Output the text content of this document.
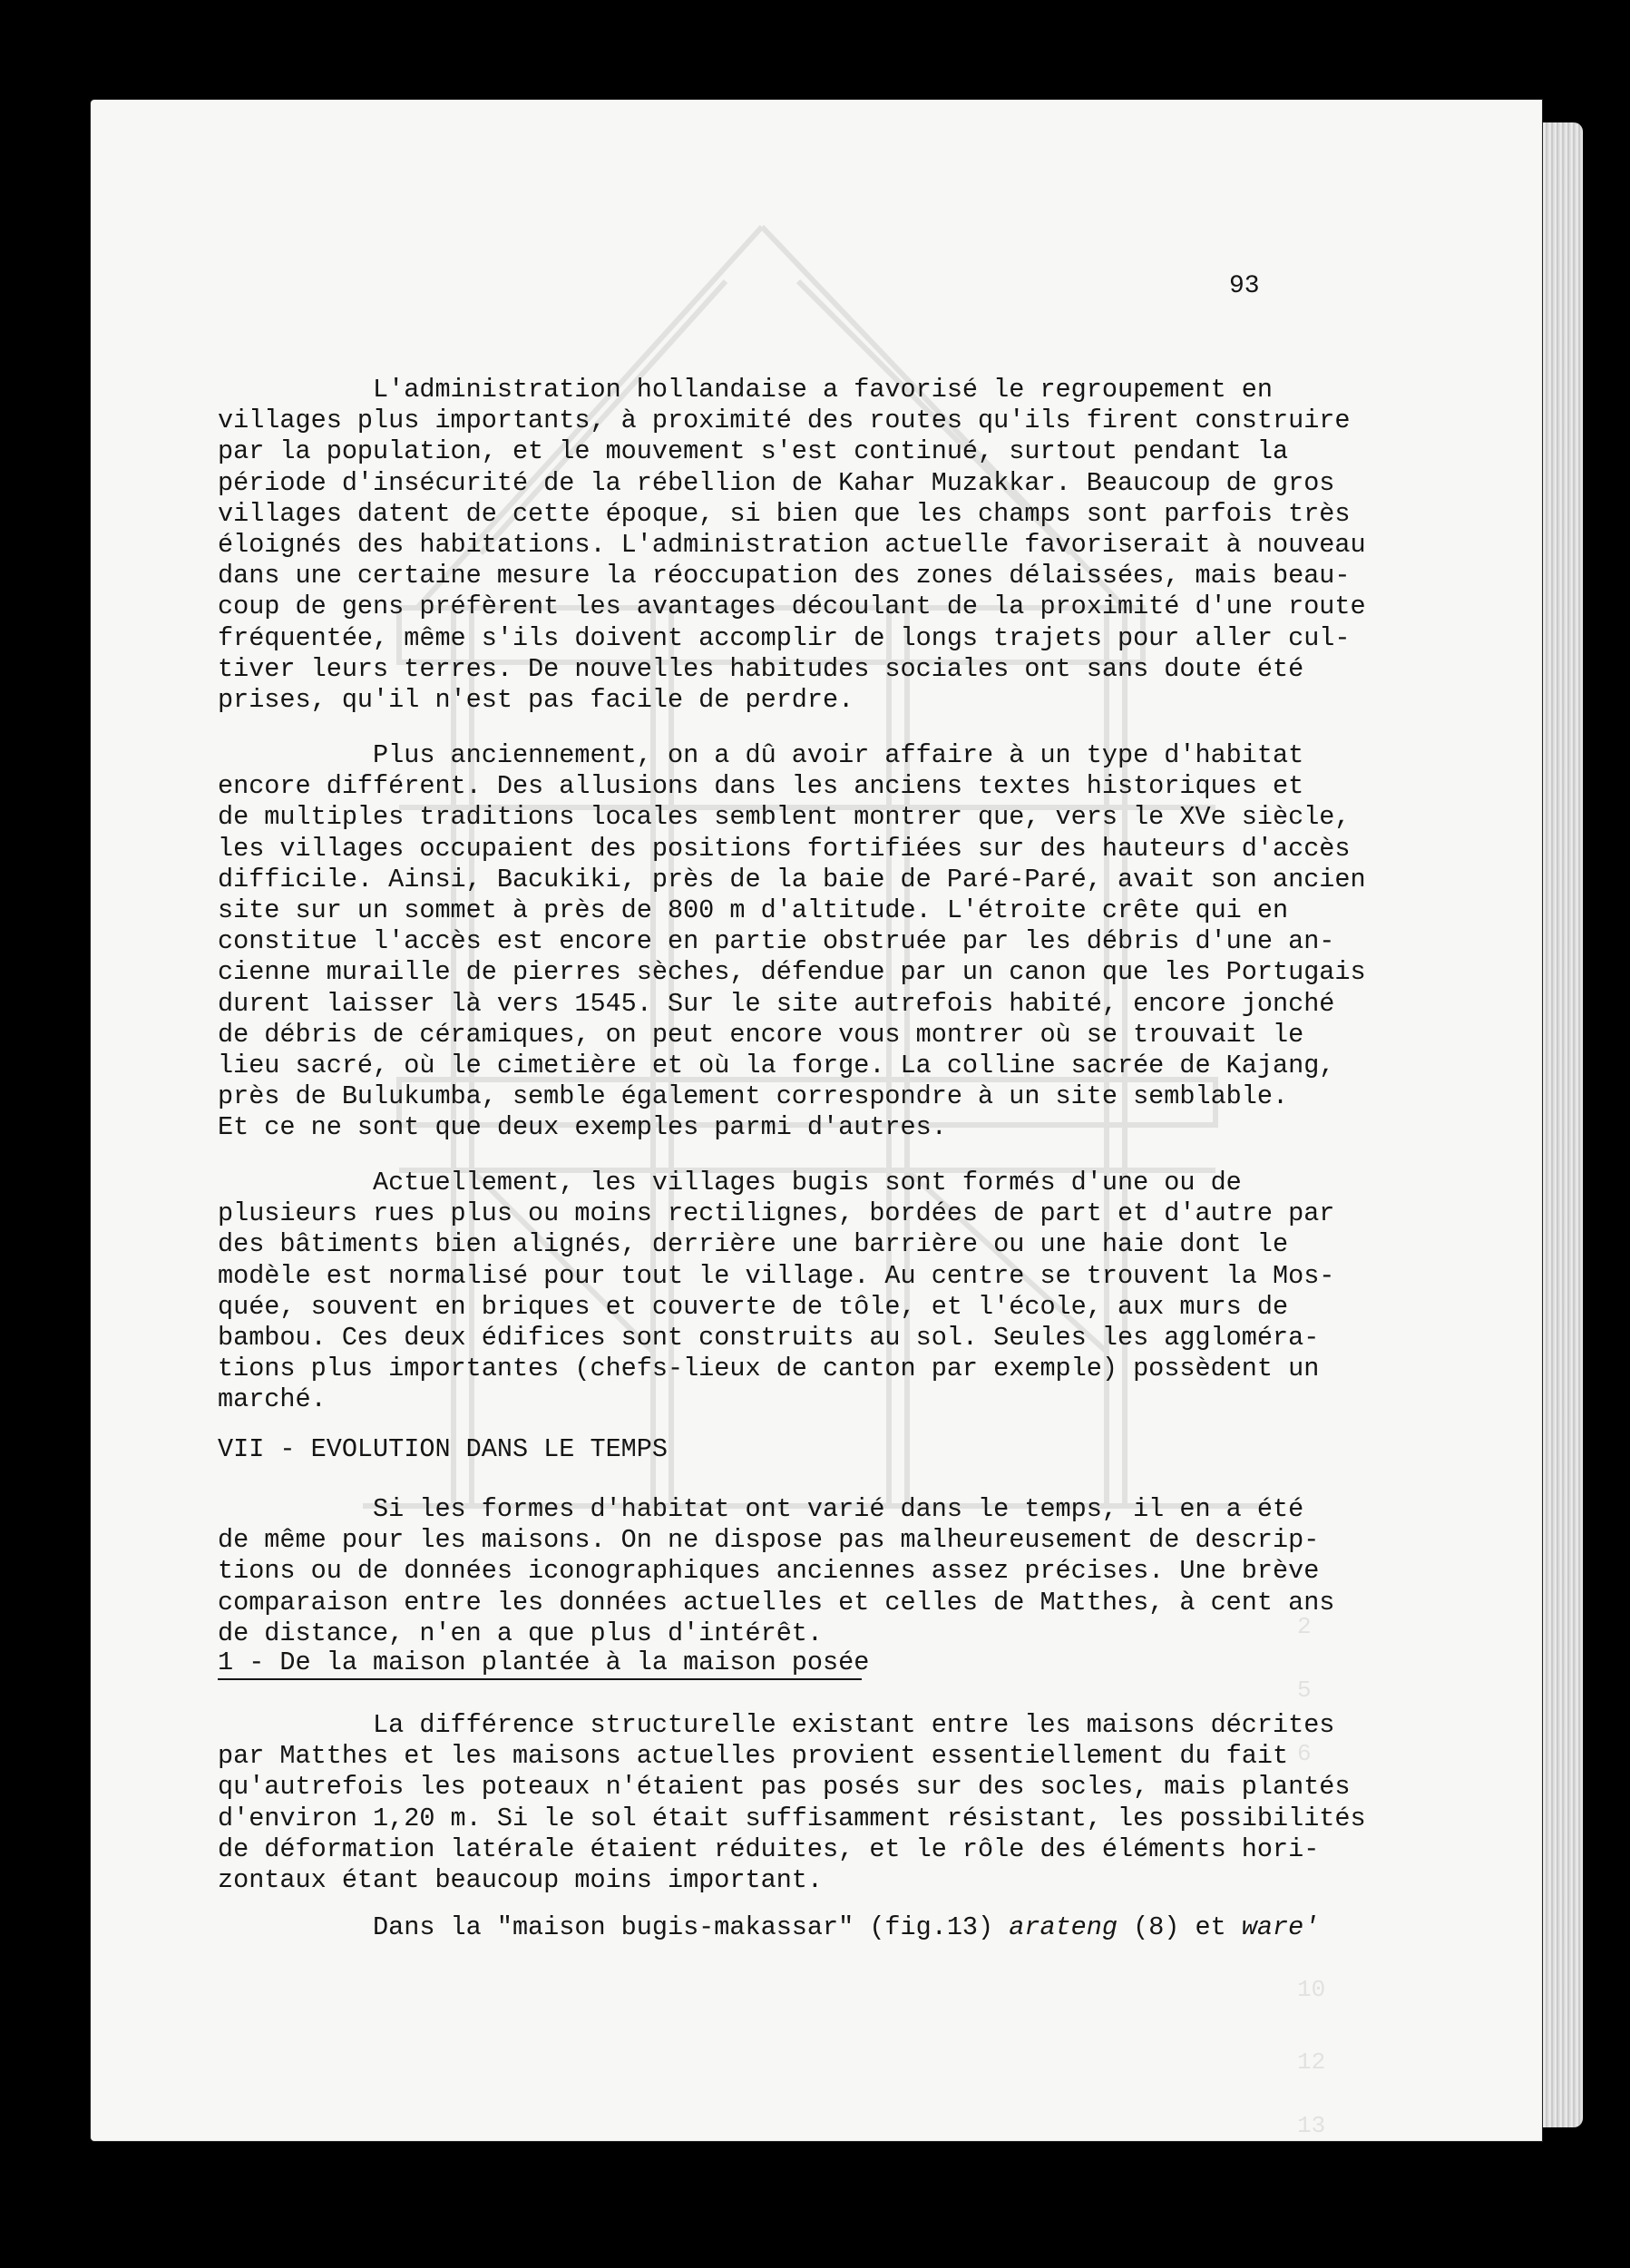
2
5
6
10
12
13
93
L'administration hollandaise a favorisé le regroupement en
villages plus importants, à proximité des routes qu'ils firent construire
par la population, et le mouvement s'est continué, surtout pendant la
période d'insécurité de la rébellion de Kahar Muzakkar. Beaucoup de gros
villages datent de cette époque, si bien que les champs sont parfois très
éloignés des habitations. L'administration actuelle favoriserait à nouveau
dans une certaine mesure la réoccupation des zones délaissées, mais beau-
coup de gens préfèrent les avantages découlant de la proximité d'une route
fréquentée, même s'ils doivent accomplir de longs trajets pour aller cul-
tiver leurs terres. De nouvelles habitudes sociales ont sans doute été
prises, qu'il n'est pas facile de perdre.
Plus anciennement, on a dû avoir affaire à un type d'habitat
encore différent. Des allusions dans les anciens textes historiques et
de multiples traditions locales semblent montrer que, vers le XVe siècle,
les villages occupaient des positions fortifiées sur des hauteurs d'accès
difficile. Ainsi, Bacukiki, près de la baie de Paré-Paré, avait son ancien
site sur un sommet à près de 800 m d'altitude. L'étroite crête qui en
constitue l'accès est encore en partie obstruée par les débris d'une an-
cienne muraille de pierres sèches, défendue par un canon que les Portugais
durent laisser là vers 1545. Sur le site autrefois habité, encore jonché
de débris de céramiques, on peut encore vous montrer où se trouvait le
lieu sacré, où le cimetière et où la forge. La colline sacrée de Kajang,
près de Bulukumba, semble également correspondre à un site semblable.
Et ce ne sont que deux exemples parmi d'autres.
Actuellement, les villages bugis sont formés d'une ou de
plusieurs rues plus ou moins rectilignes, bordées de part et d'autre par
des bâtiments bien alignés, derrière une barrière ou une haie dont le
modèle est normalisé pour tout le village. Au centre se trouvent la Mos-
quée, souvent en briques et couverte de tôle, et l'école, aux murs de
bambou. Ces deux édifices sont construits au sol. Seules les aggloméra-
tions plus importantes (chefs-lieux de canton par exemple) possèdent un
marché.
VII - EVOLUTION DANS LE TEMPS
Si les formes d'habitat ont varié dans le temps, il en a été
de même pour les maisons. On ne dispose pas malheureusement de descrip-
tions ou de données iconographiques anciennes assez précises. Une brève
comparaison entre les données actuelles et celles de Matthes, à cent ans
de distance, n'en a que plus d'intérêt.
1 - De la maison plantée à la maison posée
La différence structurelle existant entre les maisons décrites
par Matthes et les maisons actuelles provient essentiellement du fait
qu'autrefois les poteaux n'étaient pas posés sur des socles, mais plantés
d'environ 1,20 m. Si le sol était suffisamment résistant, les possibilités
de déformation latérale étaient réduites, et le rôle des éléments hori-
zontaux étant beaucoup moins important.
Dans la "maison bugis-makassar" (fig.13) arateng (8) et ware'
